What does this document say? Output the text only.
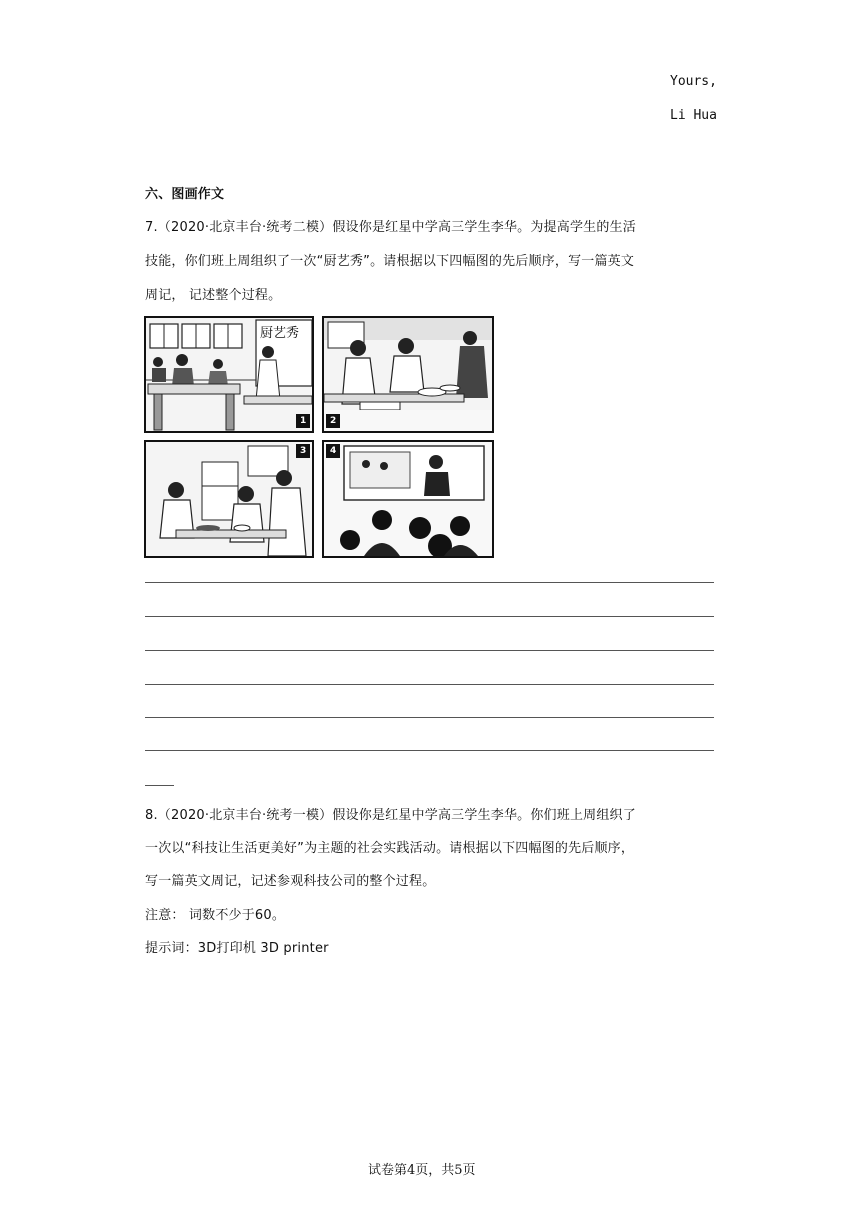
Yours,
Li Hua
六、图画作文
7.（2020·北京丰台·统考二模）假设你是红星中学高三学生李华。为提高学生的生活
技能，你们班上周组织了一次“厨艺秀”。请根据以下四幅图的先后顺序，写一篇英文
周记， 记述整个过程。
厨艺秀
1	2
3	4
8.（2020·北京丰台·统考一模）假设你是红星中学高三学生李华。你们班上周组织了
一次以“科技让生活更美好”为主题的社会实践活动。请根据以下四幅图的先后顺序，
写一篇英文周记，记述参观科技公司的整个过程。
注意： 词数不少于60。
提示词：3D打印机 3D printer
试卷第4页，共5页
